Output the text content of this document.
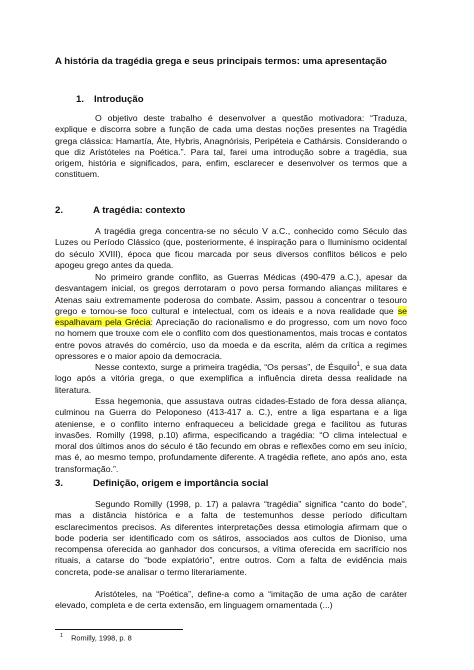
A história da tragédia grega e seus principais termos: uma apresentação
1. Introdução

O objetivo deste trabalho é desenvolver a questão motivadora: “Traduza, explique e discorra sobre a função de cada uma destas noções presentes na Tragédia grega clássica: Hamartía, Áte, Hybris, Anagnórisis, Peripéteia e Cathársis. Considerando o que diz Aristóteles na Poética.”. Para tal, farei uma introdução sobre a tragédia, sua origem, história e significados, para, enfim, esclarecer e desenvolver os termos que a constituem.

2.	A tragédia: contexto

A tragédia grega concentra-se no século V a.C., conhecido como Século das Luzes ou Período Clássico (que, posteriormente, é inspiração para o Iluminismo ocidental do século XVIII), época que ficou marcada por seus diversos conflitos bélicos e pelo apogeu grego antes da queda.

No primeiro grande conflito, as Guerras Médicas (490-479 a.C.), apesar da desvantagem inicial, os gregos derrotaram o povo persa formando alianças militares e Atenas saiu extremamente poderosa do combate. Assim, passou a concentrar o tesouro grego e tornou-se foco cultural e intelectual, com os ideais e a nova realidade que se espalhavam pela Grécia: Apreciação do racionalismo e do progresso, com um novo foco no homem que trouxe com ele o conflito com dos questionamentos, mais trocas e contatos entre povos através do comércio, uso da moeda e da escrita, além da crítica a regimes opressores e o maior apoio da democracia.

Nesse contexto, surge a primeira tragédia, “Os persas”, de Ésquilo$^1$, e sua data logo após a vitória grega, o que exemplifica a influência direta dessa realidade na literatura.

Essa hegemonia, que assustava outras cidades-Estado de fora dessa aliança, culminou na Guerra do Peloponeso (413-417 a. C.), entre a liga espartana e a liga ateniense, e o conflito interno enfraqueceu a belicidade grega e facilitou as futuras invasões. Romilly (1998, p.10) afirma, especificando a tragédia: “O clima intelectual e moral dos últimos anos do século é tão fecundo em obras e reflexões como em seu início, mas é, ao mesmo tempo, profundamente diferente. A tragédia reflete, ano após ano, esta transformação.”.

3.	Definição, origem e importância social

Segundo Romilly (1998, p. 17) a palavra “tragédia” significa “canto do bode”, mas a distância histórica e a falta de testemunhos desse período dificultam esclarecimentos precisos. As diferentes interpretações dessa etimologia afirmam que o bode poderia ser identificado com os sátiros, associados aos cultos de Dioniso, uma recompensa oferecida ao ganhador dos concursos, a vítima oferecida em sacrifício nos rituais, a catarse do “bode expiatório”, entre outros. Com a falta de evidência mais concreta, pode-se analisar o termo literariamente.

Aristóteles, na “Poética”, define-a como a “imitação de uma ação de caráter elevado, completa e de certa extensão, em linguagem ornamentada (...)

$^1$ Romilly, 1998, p. 8
